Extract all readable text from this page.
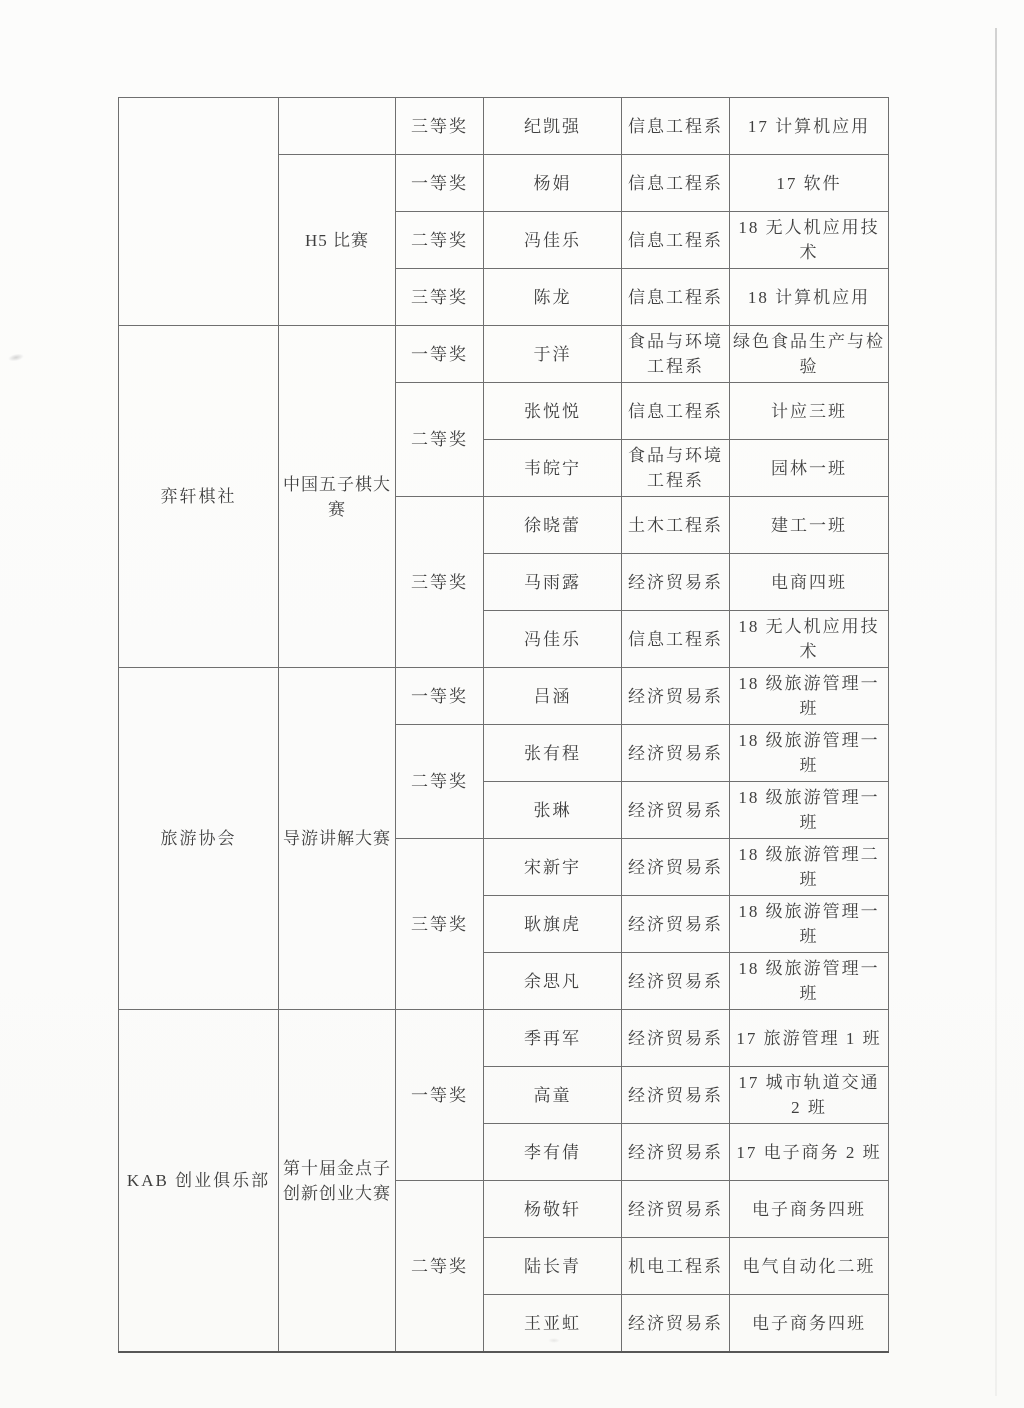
		三等奖	纪凯强	信息工程系	17 计算机应用
	H5 比赛	一等奖	杨娟	信息工程系	17 软件
		二等奖	冯佳乐	信息工程系	18 无人机应用技术
		三等奖	陈龙	信息工程系	18 计算机应用
弈轩棋社	中国五子棋大赛	一等奖	于洋	食品与环境工程系	绿色食品生产与检验
		二等奖	张悦悦	信息工程系	计应三班
			韦皖宁	食品与环境工程系	园林一班
		三等奖	徐晓蕾	土木工程系	建工一班
			马雨露	经济贸易系	电商四班
			冯佳乐	信息工程系	18 无人机应用技术
旅游协会	导游讲解大赛	一等奖	吕涵	经济贸易系	18 级旅游管理一班
		二等奖	张有程	经济贸易系	18 级旅游管理一班
			张琳	经济贸易系	18 级旅游管理一班
		三等奖	宋新宇	经济贸易系	18 级旅游管理二班
			耿旗虎	经济贸易系	18 级旅游管理一班
			余思凡	经济贸易系	18 级旅游管理一班
KAB 创业俱乐部	第十届金点子创新创业大赛	一等奖	季再军	经济贸易系	17 旅游管理 1 班
			高童	经济贸易系	17 城市轨道交通 2 班
			李有倩	经济贸易系	17 电子商务 2 班
		二等奖	杨敬轩	经济贸易系	电子商务四班
			陆长青	机电工程系	电气自动化二班
			王亚虹	经济贸易系	电子商务四班
